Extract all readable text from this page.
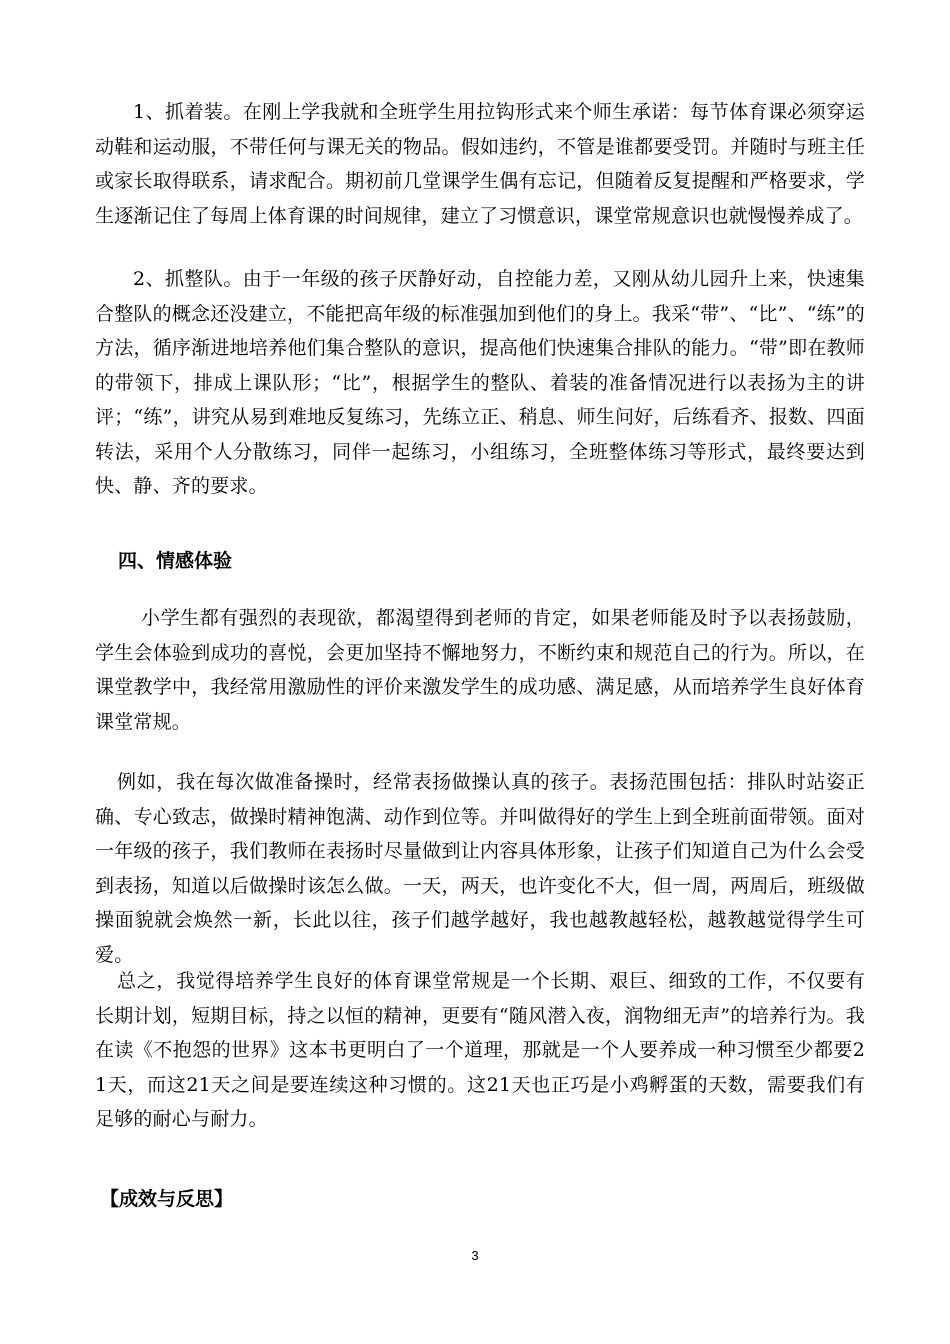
1、抓着装。在刚上学我就和全班学生用拉钩形式来个师生承诺：每节体育课必须穿运动鞋和运动服，不带任何与课无关的物品。假如违约，不管是谁都要受罚。并随时与班主任或家长取得联系，请求配合。期初前几堂课学生偶有忘记，但随着反复提醒和严格要求，学生逐渐记住了每周上体育课的时间规律，建立了习惯意识，课堂常规意识也就慢慢养成了。

2、抓整队。由于一年级的孩子厌静好动，自控能力差，又刚从幼儿园升上来，快速集合整队的概念还没建立，不能把高年级的标准强加到他们的身上。我采“带”、“比”、“练”的方法，循序渐进地培养他们集合整队的意识，提高他们快速集合排队的能力。“带”即在教师的带领下，排成上课队形；“比”，根据学生的整队、着装的准备情况进行以表扬为主的讲评；“练”，讲究从易到难地反复练习，先练立正、稍息、师生问好，后练看齐、报数、四面转法，采用个人分散练习，同伴一起练习，小组练习，全班整体练习等形式，最终要达到快、静、齐的要求。

四、情感体验

小学生都有强烈的表现欲，都渴望得到老师的肯定，如果老师能及时予以表扬鼓励，学生会体验到成功的喜悦，会更加坚持不懈地努力，不断约束和规范自己的行为。所以，在课堂教学中，我经常用激励性的评价来激发学生的成功感、满足感，从而培养学生良好体育课堂常规。

例如，我在每次做准备操时，经常表扬做操认真的孩子。表扬范围包括：排队时站姿正确、专心致志，做操时精神饱满、动作到位等。并叫做得好的学生上到全班前面带领。面对一年级的孩子，我们教师在表扬时尽量做到让内容具体形象，让孩子们知道自己为什么会受到表扬，知道以后做操时该怎么做。一天，两天，也许变化不大，但一周，两周后，班级做操面貌就会焕然一新，长此以往，孩子们越学越好，我也越教越轻松，越教越觉得学生可爱。

总之，我觉得培养学生良好的体育课堂常规是一个长期、艰巨、细致的工作，不仅要有长期计划，短期目标，持之以恒的精神，更要有“随风潜入夜，润物细无声”的培养行为。我在读《不抱怨的世界》这本书更明白了一个道理，那就是一个人要养成一种习惯至少都要21天，而这21天之间是要连续这种习惯的。这21天也正巧是小鸡孵蛋的天数，需要我们有足够的耐心与耐力。

【成效与反思】

3
